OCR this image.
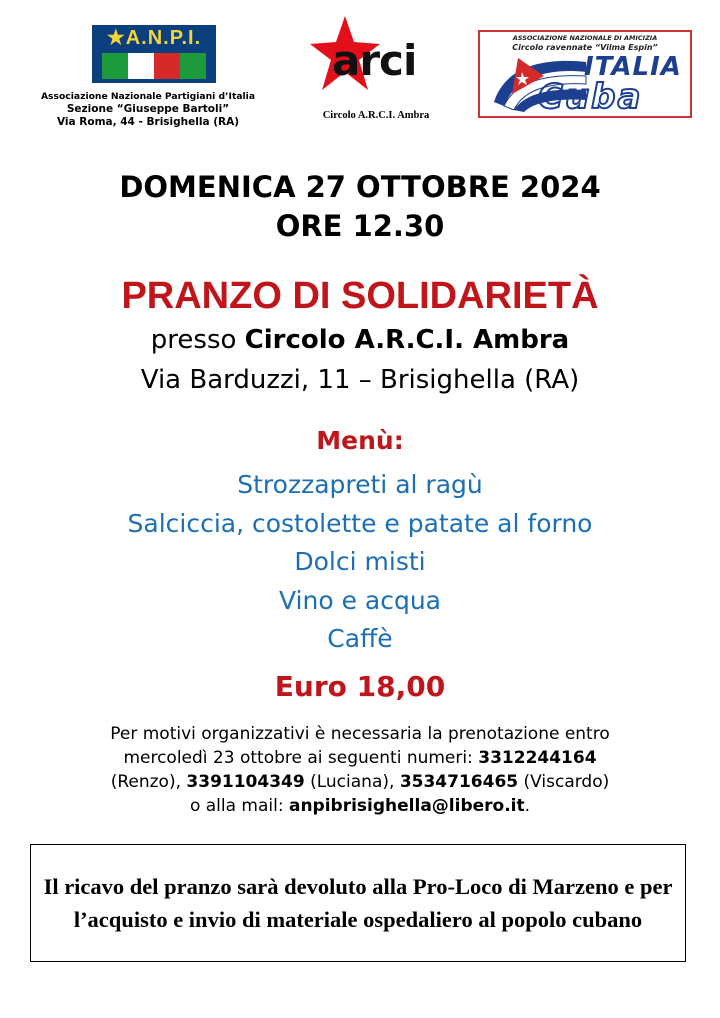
★A.N.P.I.
Associazione Nazionale Partigiani d’Italia
Sezione “Giuseppe Bartoli”
Via Roma, 44 - Brisighella (RA)
arci
Circolo A.R.C.I. Ambra
ASSOCIAZIONE NAZIONALE DI AMICIZIA
Circolo ravennate “Vilma Espin”
ITALIA
Cuba
DOMENICA 27 OTTOBRE 2024
ORE 12.30
PRANZO DI SOLIDARIETÀ
presso Circolo A.R.C.I. Ambra
Via Barduzzi, 11 – Brisighella (RA)
Menù:
Strozzapreti al ragù
Salciccia, costolette e patate al forno
Dolci misti
Vino e acqua
Caffè
Euro 18,00
Per motivi organizzativi è necessaria la prenotazione entro
mercoledì 23 ottobre ai seguenti numeri: 3312244164
(Renzo), 3391104349 (Luciana), 3534716465 (Viscardo)
o alla mail: anpibrisighella@libero.it.
Il ricavo del pranzo sarà devoluto alla Pro-Loco di Marzeno e per l’acquisto e invio di materiale ospedaliero al popolo cubano
